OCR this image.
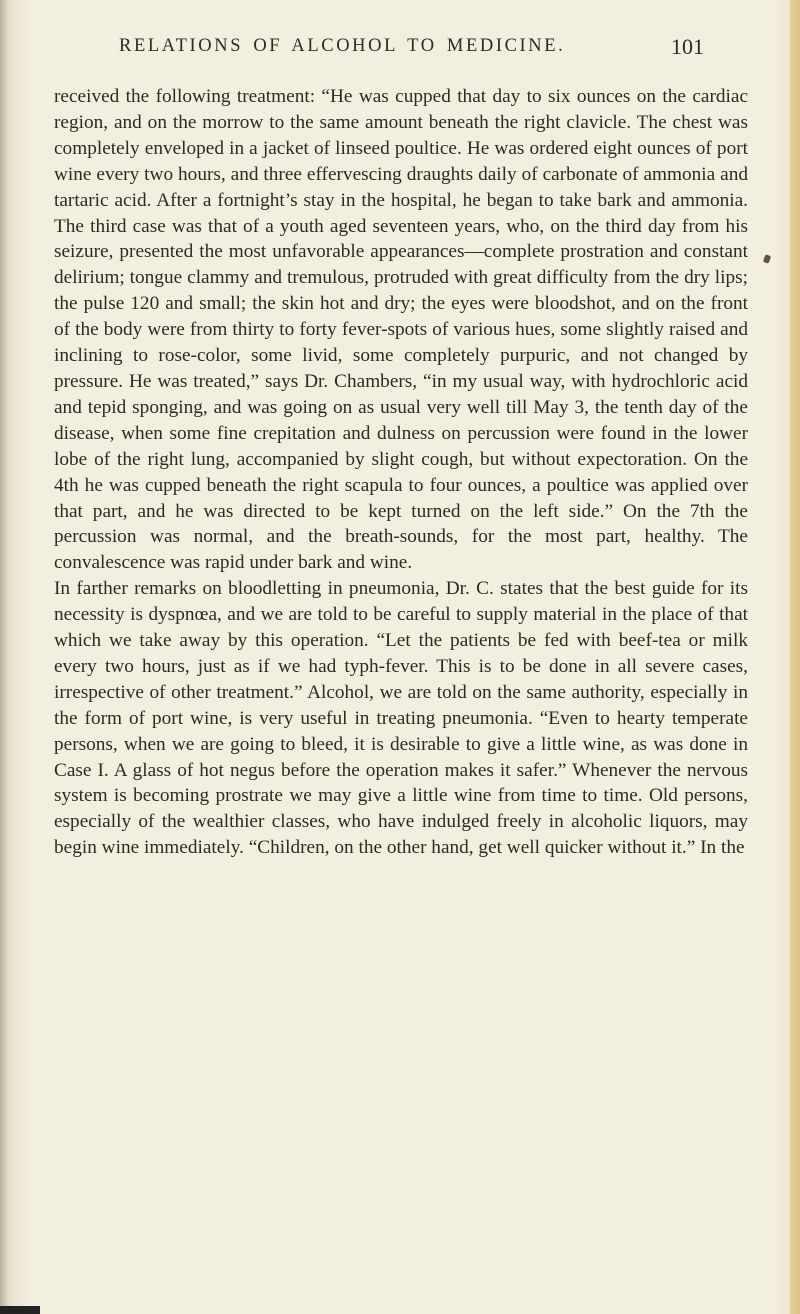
RELATIONS OF ALCOHOL TO MEDICINE.	101

received the following treatment: “He was cupped that day to six ounces on the cardiac region, and on the morrow to the same amount beneath the right clavicle. The chest was completely enveloped in a jacket of linseed poultice. He was ordered eight ounces of port wine every two hours, and three effervescing draughts daily of carbonate of ammonia and tartaric acid. After a fortnight’s stay in the hospital, he began to take bark and ammonia. The third case was that of a youth aged seventeen years, who, on the third day from his seizure, presented the most unfavorable appearances—complete prostration and constant delirium; tongue clammy and tremulous, protruded with great difficulty from the dry lips; the pulse 120 and small; the skin hot and dry; the eyes were bloodshot, and on the front of the body were from thirty to forty fever-spots of various hues, some slightly raised and inclining to rose-color, some livid, some completely purpuric, and not changed by pressure. He was treated,” says Dr. Chambers, “in my usual way, with hydrochloric acid and tepid sponging, and was going on as usual very well till May 3, the tenth day of the disease, when some fine crepitation and dulness on percussion were found in the lower lobe of the right lung, accompanied by slight cough, but without expectoration. On the 4th he was cupped beneath the right scapula to four ounces, a poultice was applied over that part, and he was directed to be kept turned on the left side.” On the 7th the percussion was normal, and the breath-sounds, for the most part, healthy. The convalescence was rapid under bark and wine.

In farther remarks on bloodletting in pneumonia, Dr. C. states that the best guide for its necessity is dyspnœa, and we are told to be careful to supply material in the place of that which we take away by this operation. “Let the patients be fed with beef-tea or milk every two hours, just as if we had typh-fever. This is to be done in all severe cases, irrespective of other treatment.” Alcohol, we are told on the same authority, especially in the form of port wine, is very useful in treating pneumonia. “Even to hearty temperate persons, when we are going to bleed, it is desirable to give a little wine, as was done in Case I. A glass of hot negus before the operation makes it safer.” Whenever the nervous system is becoming prostrate we may give a little wine from time to time. Old persons, especially of the wealthier classes, who have indulged freely in alcoholic liquors, may begin wine immediately. “Children, on the other hand, get well quicker without it.” In the
